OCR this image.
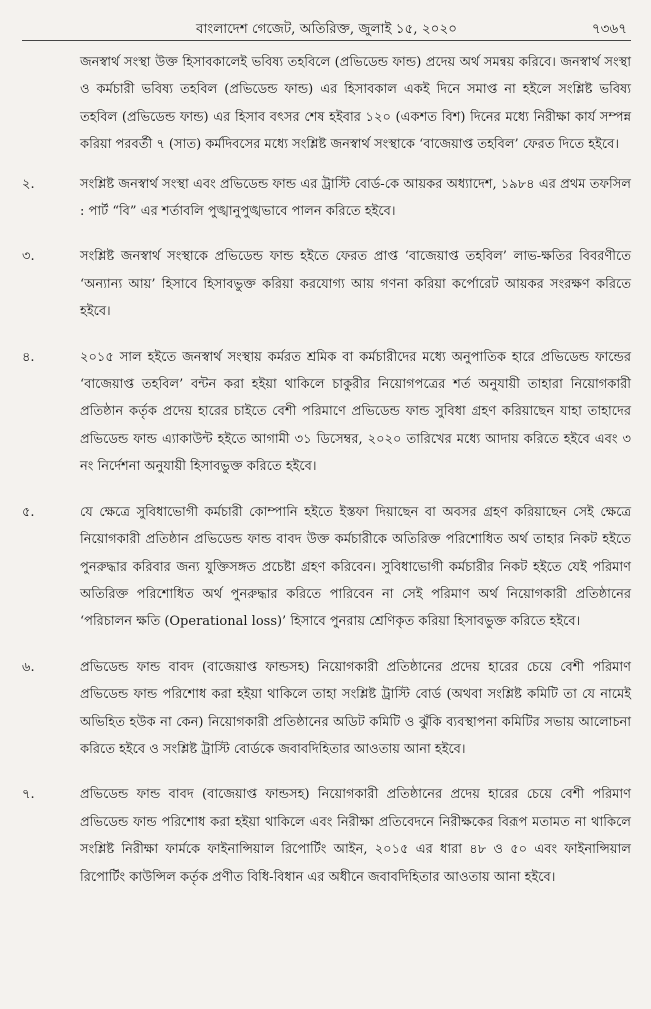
বাংলাদেশ গেজেট, অতিরিক্ত, জুলাই ১৫, ২০২০	৭৩৬৭
জনস্বার্থ সংস্থা উক্ত হিসাবকালেই ভবিষ্য তহবিলে (প্রভিডেন্ড ফান্ড) প্রদেয় অর্থ সমন্বয় করিবে। জনস্বার্থ সংস্থা ও কর্মচারী ভবিষ্য তহবিল (প্রভিডেন্ড ফান্ড) এর হিসাবকাল একই দিনে সমাপ্ত না হইলে সংশ্লিষ্ট ভবিষ্য তহবিল (প্রভিডেন্ড ফান্ড) এর হিসাব বৎসর শেষ হইবার ১২০ (একশত বিশ) দিনের মধ্যে নিরীক্ষা কার্য সম্পন্ন করিয়া পরবর্তী ৭ (সাত) কর্মদিবসের মধ্যে সংশ্লিষ্ট জনস্বার্থ সংস্থাকে ‘বাজেয়াপ্ত তহবিল’ ফেরত দিতে হইবে।
২.	সংশ্লিষ্ট জনস্বার্থ সংস্থা এবং প্রভিডেন্ড ফান্ড এর ট্রাস্টি বোর্ড-কে আয়কর অধ্যাদেশ, ১৯৮৪ এর প্রথম তফসিল : পার্ট “বি” এর শর্তাবলি পুঙ্খানুপুঙ্খভাবে পালন করিতে হইবে।
৩.	সংশ্লিষ্ট জনস্বার্থ সংস্থাকে প্রভিডেন্ড ফান্ড হইতে ফেরত প্রাপ্ত ‘বাজেয়াপ্ত তহবিল’ লাভ-ক্ষতির বিবরণীতে ‘অন্যান্য আয়’ হিসাবে হিসাবভুক্ত করিয়া করযোগ্য আয় গণনা করিয়া কর্পোরেট আয়কর সংরক্ষণ করিতে হইবে।
৪.	২০১৫ সাল হইতে জনস্বার্থ সংস্থায় কর্মরত শ্রমিক বা কর্মচারীদের মধ্যে অনুপাতিক হারে প্রভিডেন্ড ফান্ডের ‘বাজেয়াপ্ত তহবিল’ বন্টন করা হইয়া থাকিলে চাকুরীর নিয়োগপত্রের শর্ত অনুযায়ী তাহারা নিয়োগকারী প্রতিষ্ঠান কর্তৃক প্রদেয় হারের চাইতে বেশী পরিমাণে প্রভিডেন্ড ফান্ড সুবিধা গ্রহণ করিয়াছেন যাহা তাহাদের প্রভিডেন্ড ফান্ড এ্যাকাউন্ট হইতে আগামী ৩১ ডিসেম্বর, ২০২০ তারিখের মধ্যে আদায় করিতে হইবে এবং ৩ নং নির্দেশনা অনুযায়ী হিসাবভুক্ত করিতে হইবে।
৫.	যে ক্ষেত্রে সুবিধাভোগী কর্মচারী কোম্পানি হইতে ইস্তফা দিয়াছেন বা অবসর গ্রহণ করিয়াছেন সেই ক্ষেত্রে নিয়োগকারী প্রতিষ্ঠান প্রভিডেন্ড ফান্ড বাবদ উক্ত কর্মচারীকে অতিরিক্ত পরিশোধিত অর্থ তাহার নিকট হইতে পুনরুদ্ধার করিবার জন্য যুক্তিসঙ্গত প্রচেষ্টা গ্রহণ করিবেন। সুবিধাভোগী কর্মচারীর নিকট হইতে যেই পরিমাণ অতিরিক্ত পরিশোধিত অর্থ পুনরুদ্ধার করিতে পারিবেন না সেই পরিমাণ অর্থ নিয়োগকারী প্রতিষ্ঠানের ‘পরিচালন ক্ষতি (Operational loss)’ হিসাবে পুনরায় শ্রেণিকৃত করিয়া হিসাবভুক্ত করিতে হইবে।
৬.	প্রভিডেন্ড ফান্ড বাবদ (বাজেয়াপ্ত ফান্ডসহ) নিয়োগকারী প্রতিষ্ঠানের প্রদেয় হারের চেয়ে বেশী পরিমাণ প্রভিডেন্ড ফান্ড পরিশোধ করা হইয়া থাকিলে তাহা সংশ্লিষ্ট ট্রাস্টি বোর্ড (অথবা সংশ্লিষ্ট কমিটি তা যে নামেই অভিহিত হউক না কেন) নিয়োগকারী প্রতিষ্ঠানের অডিট কমিটি ও ঝুঁকি ব্যবস্থাপনা কমিটির সভায় আলোচনা করিতে হইবে ও সংশ্লিষ্ট ট্রাস্টি বোর্ডকে জবাবদিহিতার আওতায় আনা হইবে।
৭.	প্রভিডেন্ড ফান্ড বাবদ (বাজেয়াপ্ত ফান্ডসহ) নিয়োগকারী প্রতিষ্ঠানের প্রদেয় হারের চেয়ে বেশী পরিমাণ প্রভিডেন্ড ফান্ড পরিশোধ করা হইয়া থাকিলে এবং নিরীক্ষা প্রতিবেদনে নিরীক্ষকের বিরূপ মতামত না থাকিলে সংশ্লিষ্ট নিরীক্ষা ফার্মকে ফাইনান্সিয়াল রিপোর্টিং আইন, ২০১৫ এর ধারা ৪৮ ও ৫০ এবং ফাইনান্সিয়াল রিপোর্টিং কাউন্সিল কর্তৃক প্রণীত বিধি-বিধান এর অধীনে জবাবদিহিতার আওতায় আনা হইবে।
